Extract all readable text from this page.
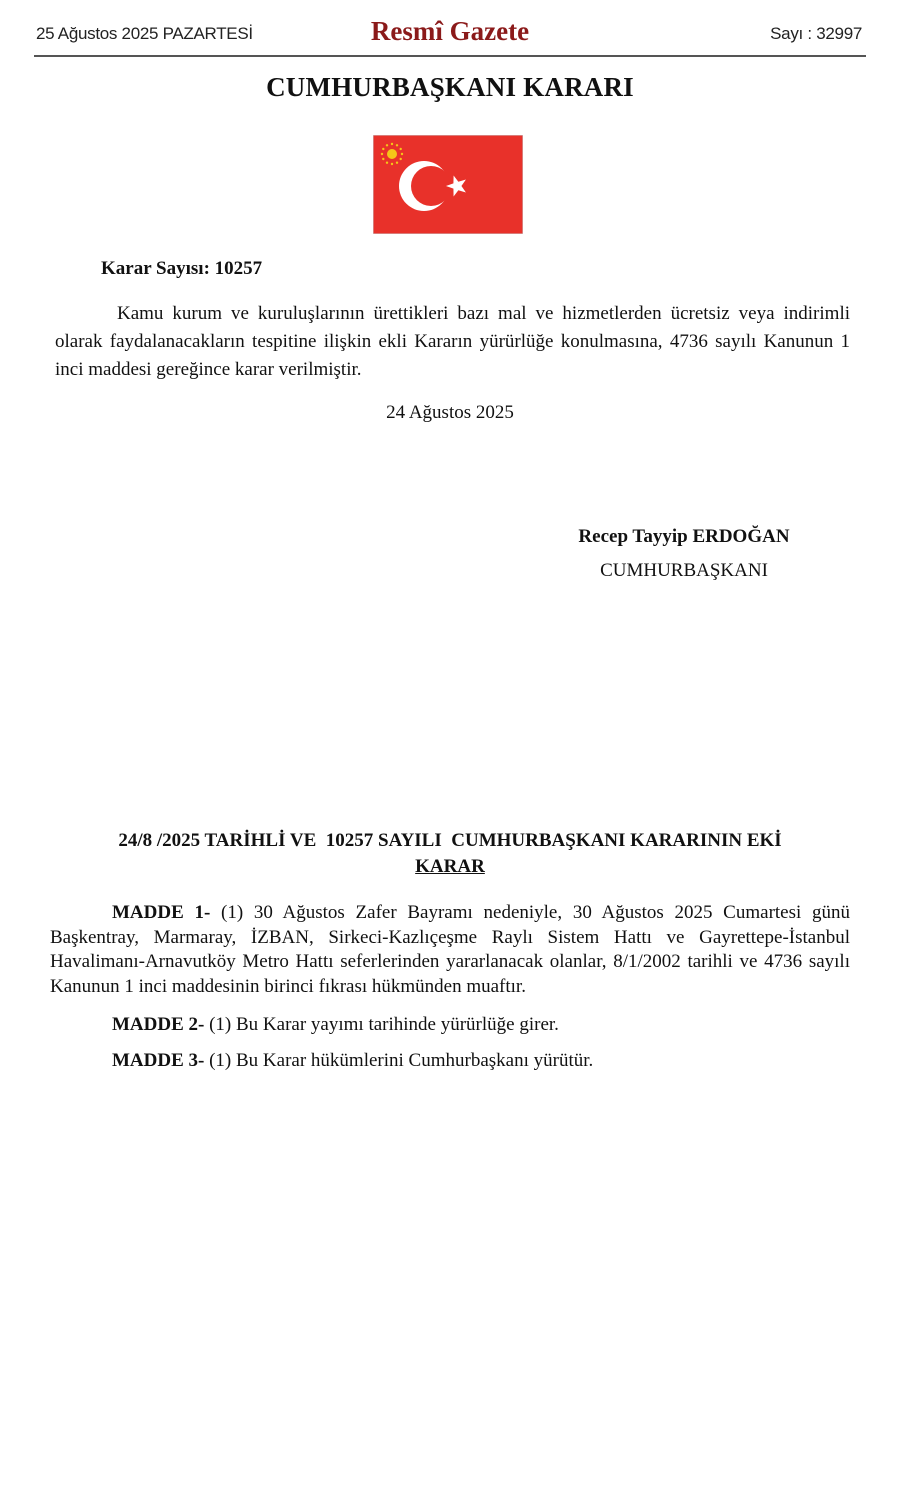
25 Ağustos 2025 PAZARTESİ	Resmî Gazete	Sayı : 32997
CUMHURBAŞKANI KARARI
Karar Sayısı: 10257
Kamu kurum ve kuruluşlarının ürettikleri bazı mal ve hizmetlerden ücretsiz veya indirimli olarak faydalanacakların tespitine ilişkin ekli Kararın yürürlüğe konulmasına, 4736 sayılı Kanunun 1 inci maddesi gereğince karar verilmiştir.
24 Ağustos 2025
Recep Tayyip ERDOĞAN
CUMHURBAŞKANI
24/8 /2025 TARİHLİ VE  10257 SAYILI  CUMHURBAŞKANI KARARININ EKİ
KARAR
MADDE 1- (1) 30 Ağustos Zafer Bayramı nedeniyle, 30 Ağustos 2025 Cumartesi günü Başkentray, Marmaray, İZBAN, Sirkeci-Kazlıçeşme Raylı Sistem Hattı ve Gayrettepe-İstanbul Havalimanı-Arnavutköy Metro Hattı seferlerinden yararlanacak olanlar, 8/1/2002 tarihli ve 4736 sayılı Kanunun 1 inci maddesinin birinci fıkrası hükmünden muaftır.
MADDE 2- (1) Bu Karar yayımı tarihinde yürürlüğe girer.
MADDE 3- (1) Bu Karar hükümlerini Cumhurbaşkanı yürütür.
